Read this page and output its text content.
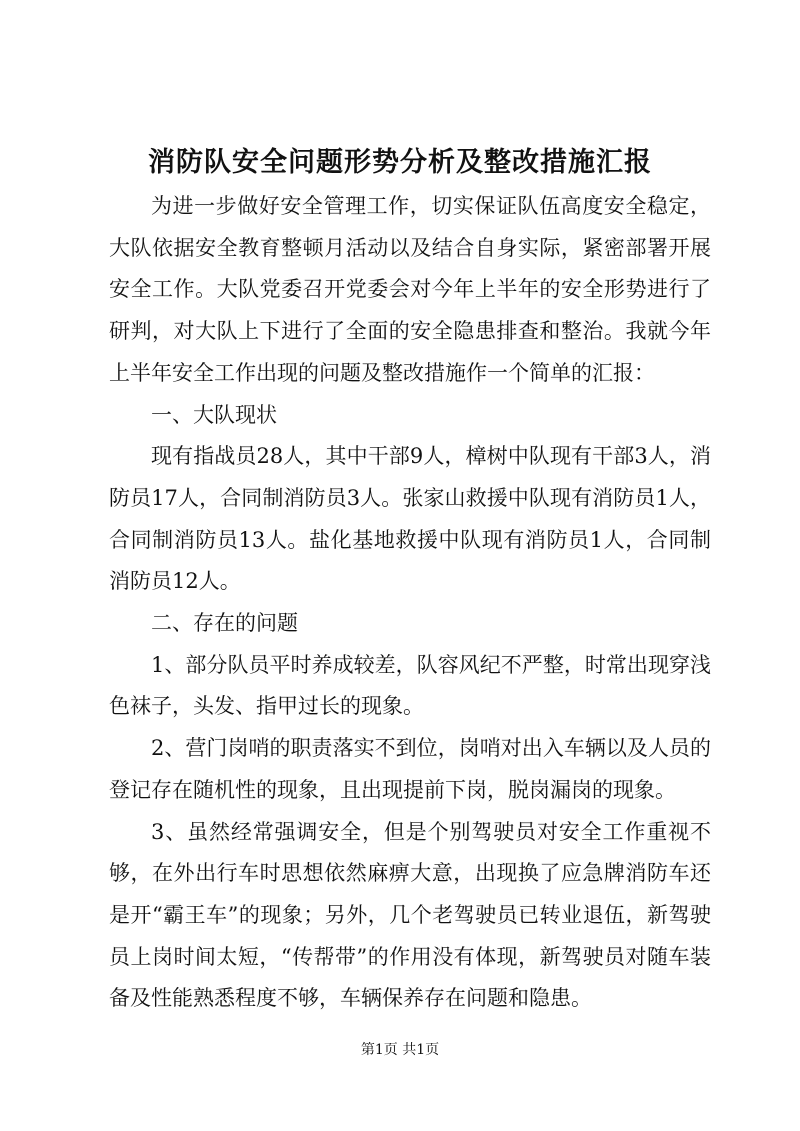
消防队安全问题形势分析及整改措施汇报

为进一步做好安全管理工作，切实保证队伍高度安全稳定，大队依据安全教育整顿月活动以及结合自身实际，紧密部署开展安全工作。大队党委召开党委会对今年上半年的安全形势进行了研判，对大队上下进行了全面的安全隐患排查和整治。我就今年上半年安全工作出现的问题及整改措施作一个简单的汇报：

一、大队现状

现有指战员28人，其中干部9人，樟树中队现有干部3人，消防员17人，合同制消防员3人。张家山救援中队现有消防员1人，合同制消防员13人。盐化基地救援中队现有消防员1人，合同制消防员12人。

二、存在的问题

1、部分队员平时养成较差，队容风纪不严整，时常出现穿浅色袜子，头发、指甲过长的现象。

2、营门岗哨的职责落实不到位，岗哨对出入车辆以及人员的登记存在随机性的现象，且出现提前下岗，脱岗漏岗的现象。

3、虽然经常强调安全，但是个别驾驶员对安全工作重视不够，在外出行车时思想依然麻痹大意，出现换了应急牌消防车还是开“霸王车”的现象；另外，几个老驾驶员已转业退伍，新驾驶员上岗时间太短，“传帮带”的作用没有体现，新驾驶员对随车装备及性能熟悉程度不够，车辆保养存在问题和隐患。

第1页 共1页
